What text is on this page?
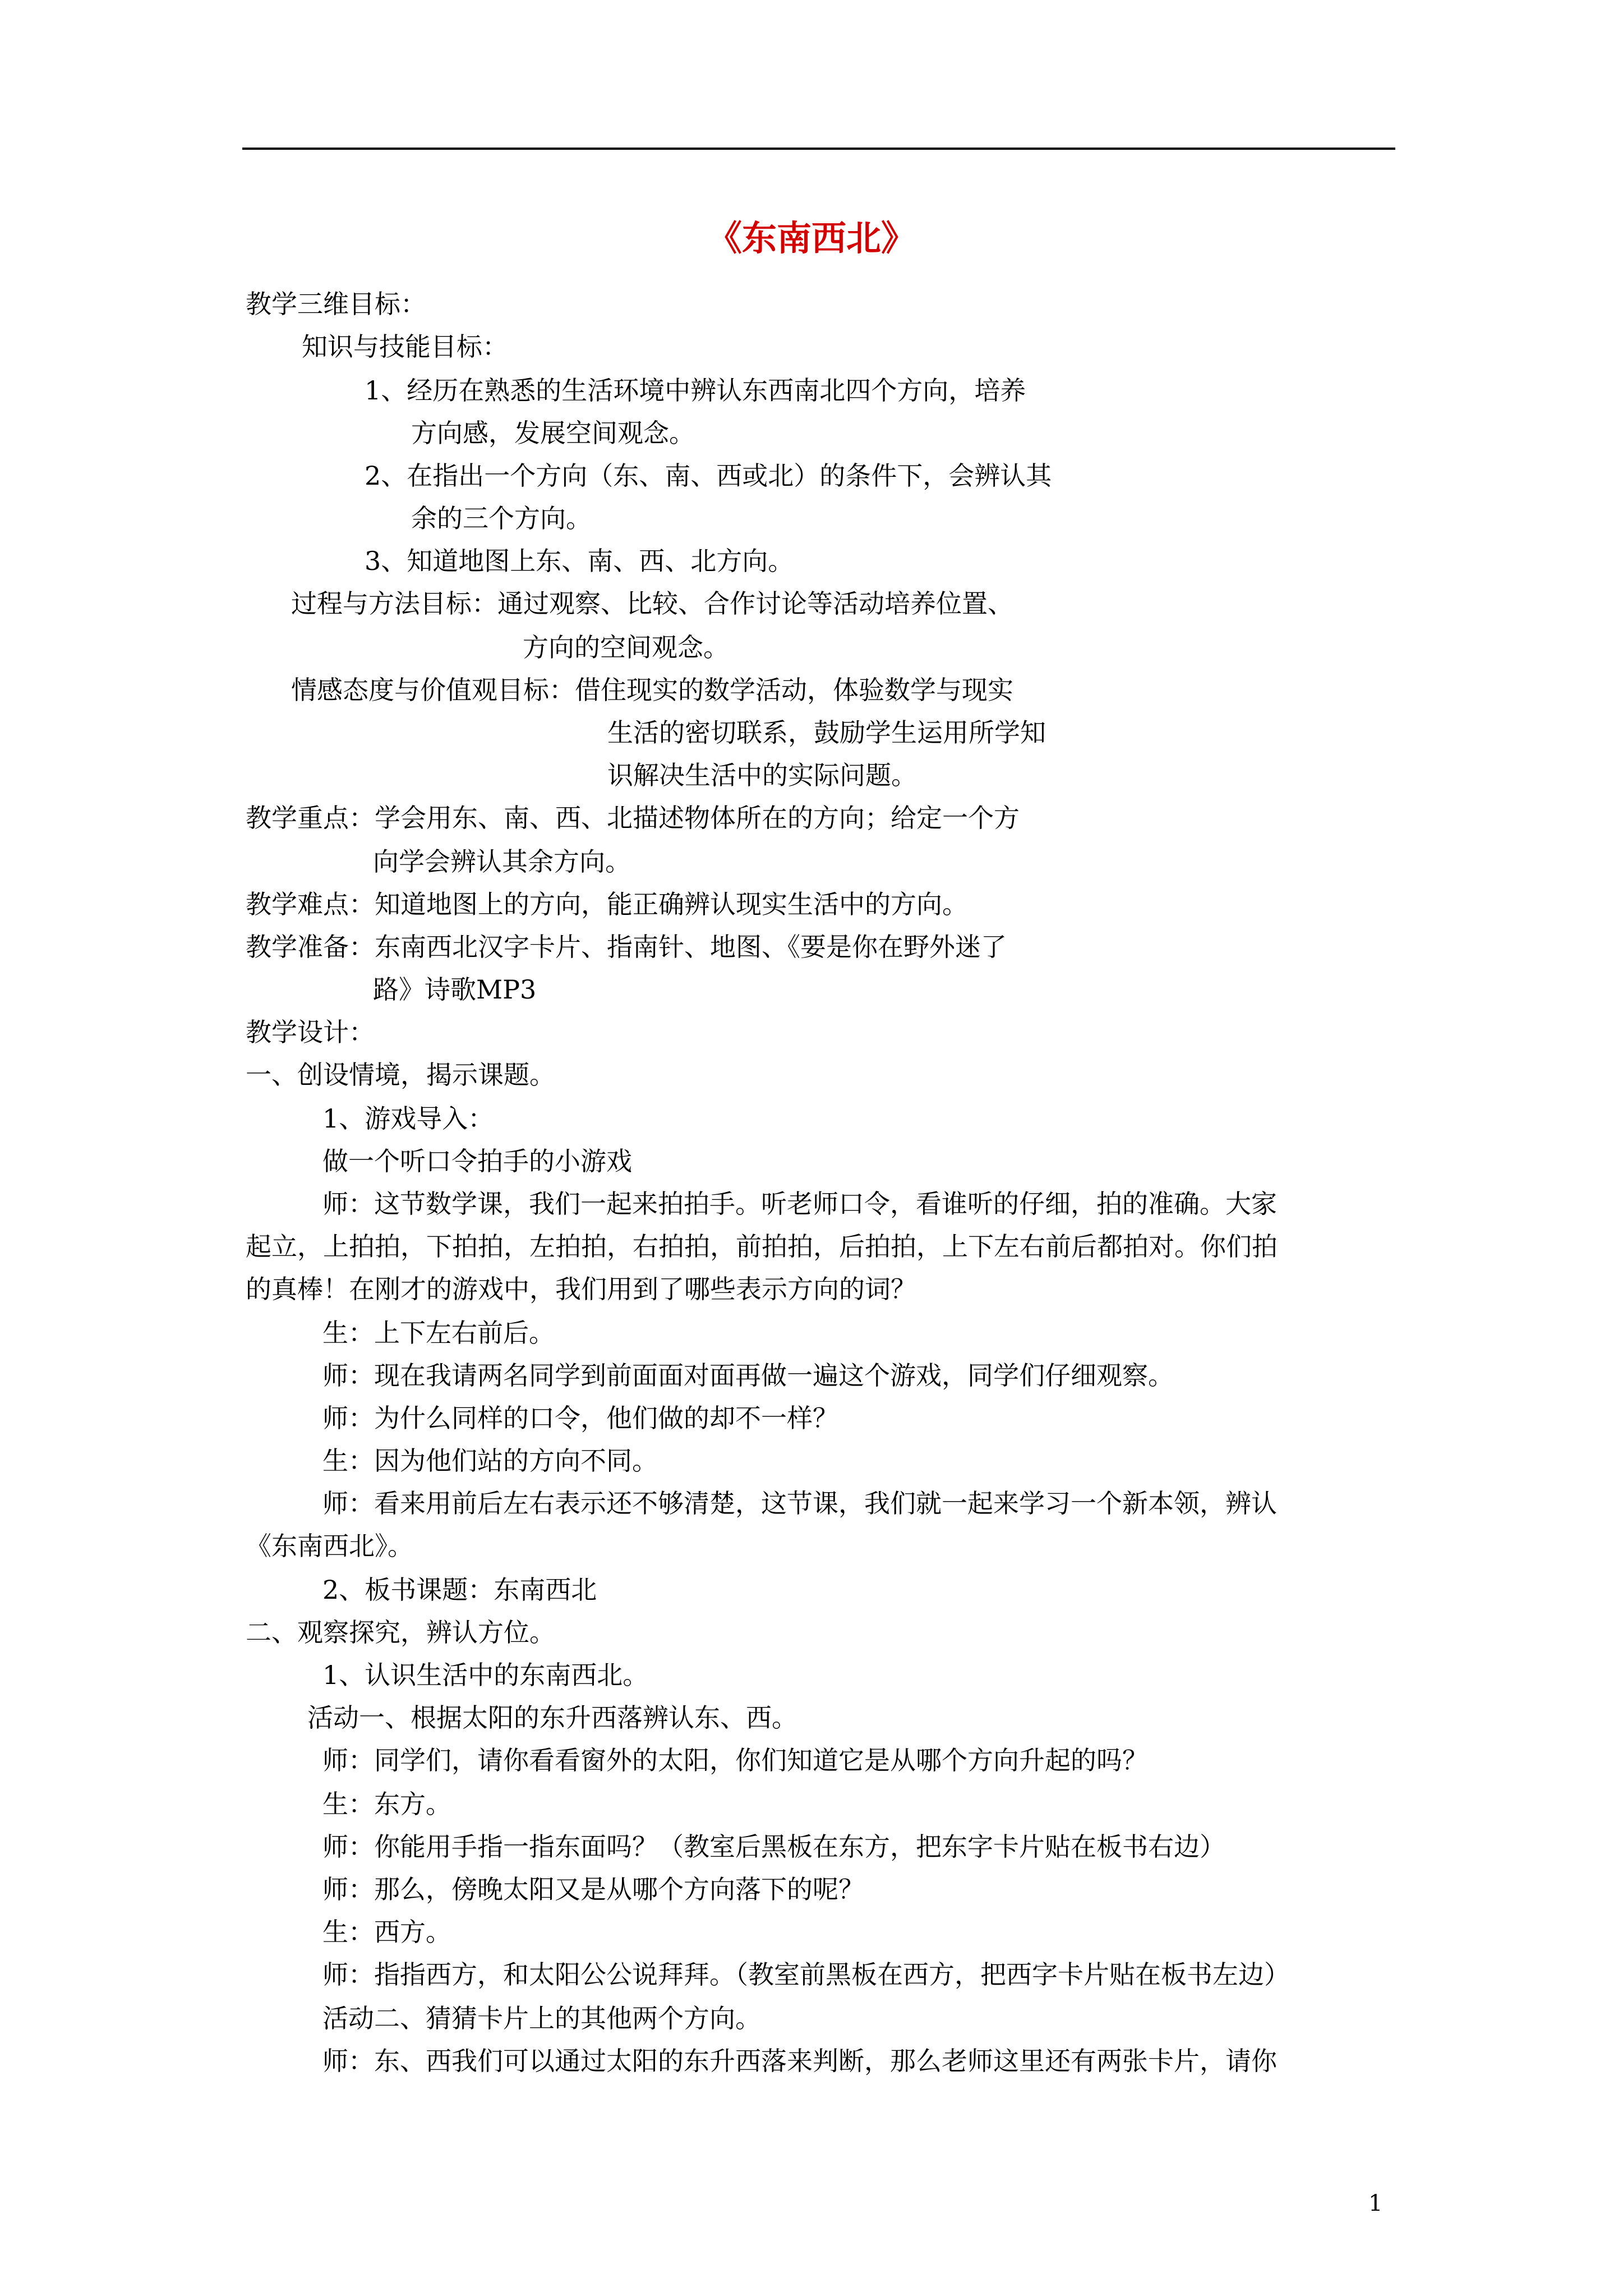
《东南西北》
教学三维目标：
知识与技能目标：
1、经历在熟悉的生活环境中辨认东西南北四个方向，培养
方向感，发展空间观念。
2、在指出一个方向（东、南、西或北）的条件下，会辨认其
余的三个方向。
3、知道地图上东、南、西、北方向。
过程与方法目标：通过观察、比较、合作讨论等活动培养位置、
方向的空间观念。
情感态度与价值观目标：借住现实的数学活动，体验数学与现实
生活的密切联系，鼓励学生运用所学知
识解决生活中的实际问题。
教学重点：学会用东、南、西、北描述物体所在的方向；给定一个方
向学会辨认其余方向。
教学难点：知道地图上的方向，能正确辨认现实生活中的方向。
教学准备：东南西北汉字卡片、指南针、地图、《要是你在野外迷了
路》诗歌MP3
教学设计：
一、创设情境，揭示课题。
1、游戏导入：
做一个听口令拍手的小游戏
师：这节数学课，我们一起来拍拍手。听老师口令，看谁听的仔细，拍的准确。大家
起立，上拍拍，下拍拍，左拍拍，右拍拍，前拍拍，后拍拍，上下左右前后都拍对。你们拍
的真棒！在刚才的游戏中，我们用到了哪些表示方向的词？
生：上下左右前后。
师：现在我请两名同学到前面面对面再做一遍这个游戏，同学们仔细观察。
师：为什么同样的口令，他们做的却不一样？
生：因为他们站的方向不同。
师：看来用前后左右表示还不够清楚，这节课，我们就一起来学习一个新本领，辨认
《东南西北》。
2、板书课题：东南西北
二、观察探究，辨认方位。
1、认识生活中的东南西北。
活动一、根据太阳的东升西落辨认东、西。
师：同学们，请你看看窗外的太阳，你们知道它是从哪个方向升起的吗？
生：东方。
师：你能用手指一指东面吗？（教室后黑板在东方，把东字卡片贴在板书右边）
师：那么，傍晚太阳又是从哪个方向落下的呢？
生：西方。
师：指指西方，和太阳公公说拜拜。（教室前黑板在西方，把西字卡片贴在板书左边）
活动二、猜猜卡片上的其他两个方向。
师：东、西我们可以通过太阳的东升西落来判断，那么老师这里还有两张卡片，请你
1
